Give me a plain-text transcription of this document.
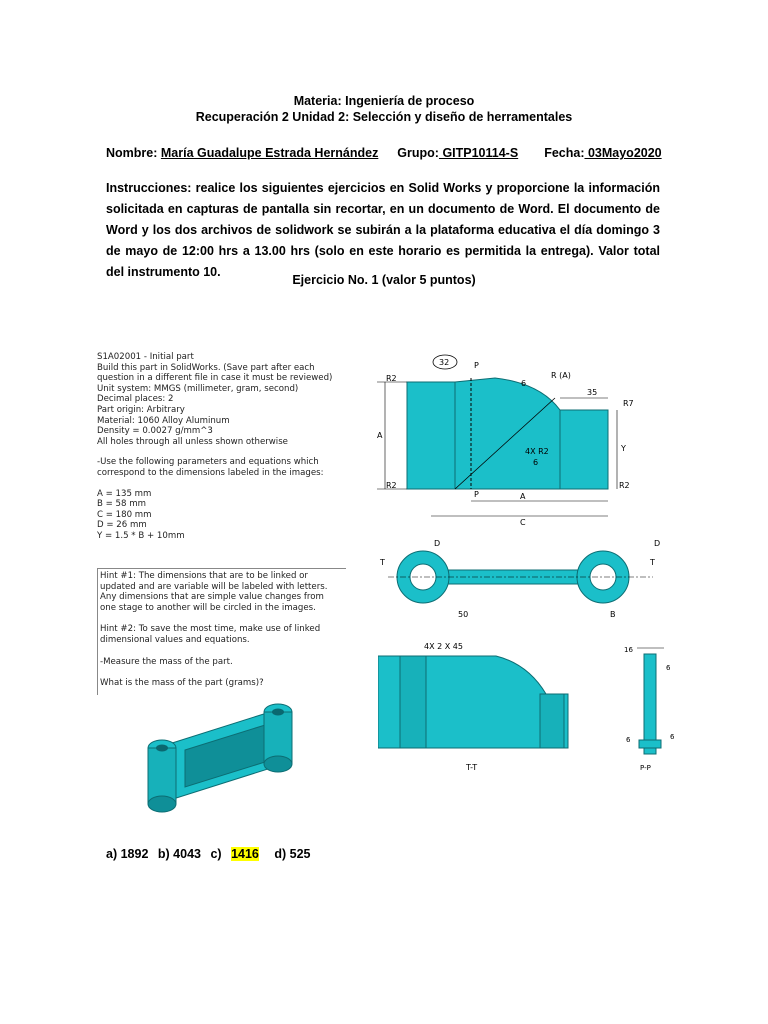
Materia: Ingeniería de proceso
Recuperación 2 Unidad 2: Selección y diseño de herramentales
Nombre: María Guadalupe Estrada Hernández Grupo: GITP10114-S Fecha: 03Mayo2020
Instrucciones: realice los siguientes ejercicios en Solid Works y proporcione la información solicitada en capturas de pantalla sin recortar, en un documento de Word. El documento de Word y los dos archivos de solidwork se subirán a la plataforma educativa el día domingo 3 de mayo de 12:00 hrs a 13.00 hrs (solo en este horario es permitida la entrega). Valor total del instrumento 10.
Ejercicio No. 1 (valor 5 puntos)

S1A02001 - Initial part

Build this part in SolidWorks. (Save part after each question in a different file in case it must be reviewed)

Unit system: MMGS (millimeter, gram, second)

Decimal places: 2

Part origin: Arbitrary

Material: 1060 Alloy Aluminum

Density = 0.0027 g/mm^3

All holes through all unless shown otherwise

-Use the following parameters and equations which correspond to the dimensions labeled in the images:

A = 135 mm

B = 58 mm

C = 180 mm

D = 26 mm

Y = 1.5 * B + 10mm

Hint #1: The dimensions that are to be linked or updated and are variable will be labeled with letters. Any dimensions that are simple value changes from one stage to another will be circled in the images.

Hint #2: To save the most time, make use of linked dimensional values and equations.

-Measure the mass of the part.

What is the mass of the part (grams)?

R2
R2
32	P
P
6
R (A)
35
R7
A
Y
4X R2
6
R2
A
C
T	T
D	D
50	B
4X 2 X 45
T-T
16
6
6	6
P-P
a) 1892 b) 4043 c) 1416 d) 525
